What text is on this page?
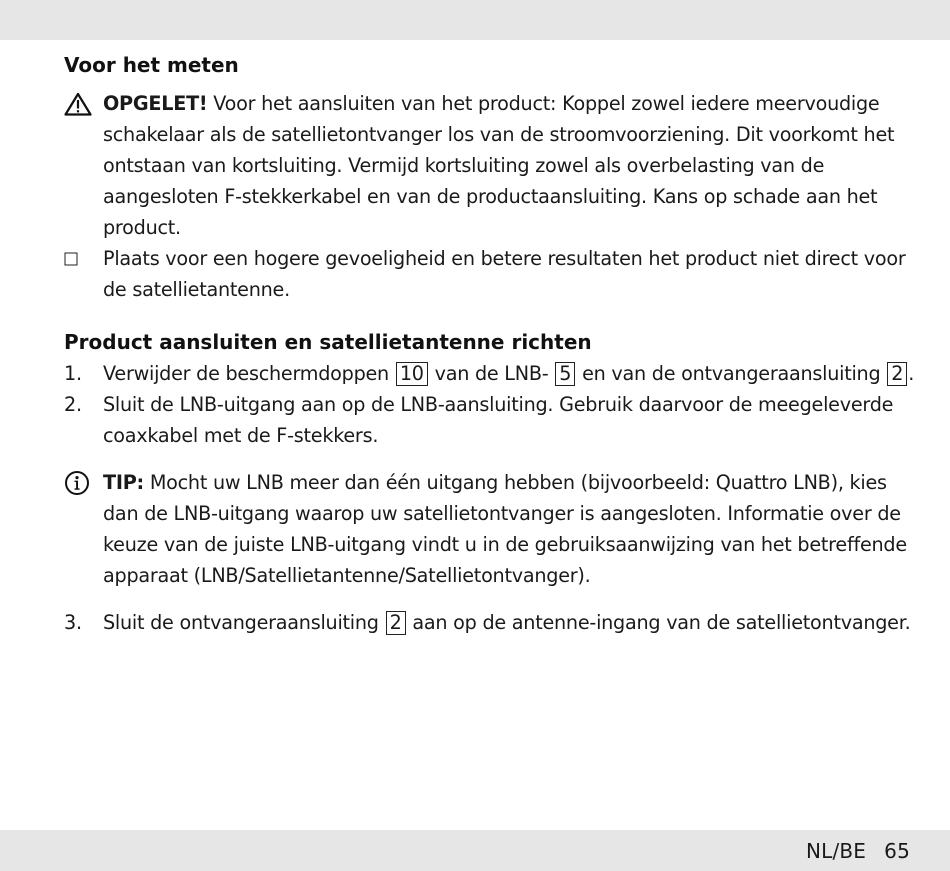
Voor het meten
OPGELET! Voor het aansluiten van het product: Koppel zowel iedere meervoudige schakelaar als de satellietontvanger los van de stroomvoorziening. Dit voorkomt het ontstaan van kortsluiting. Vermijd kortsluiting zowel als overbelasting van de aangesloten F-stekkerkabel en van de productaansluiting. Kans op schade aan het product.
Plaats voor een hogere gevoeligheid en betere resultaten het product niet direct voor de satellietantenne.
Product aansluiten en satellietantenne richten
1. Verwijder de beschermdoppen 10 van de LNB- 5 en van de ontvangeraansluiting 2 .
2. Sluit de LNB-uitgang aan op de LNB-aansluiting. Gebruik daarvoor de meegeleverde coaxkabel met de F-stekkers.
TIP: Mocht uw LNB meer dan één uitgang hebben (bijvoorbeeld: Quattro LNB), kies dan de LNB-uitgang waarop uw satellietontvanger is aangesloten. Informatie over de keuze van de juiste LNB-uitgang vindt u in de gebruiksaanwijzing van het betreffende apparaat (LNB/Satellietantenne/Satellietontvanger).
3. Sluit de ontvangeraansluiting 2 aan op de antenne-ingang van de satellietontvanger.
NL/BE 65
